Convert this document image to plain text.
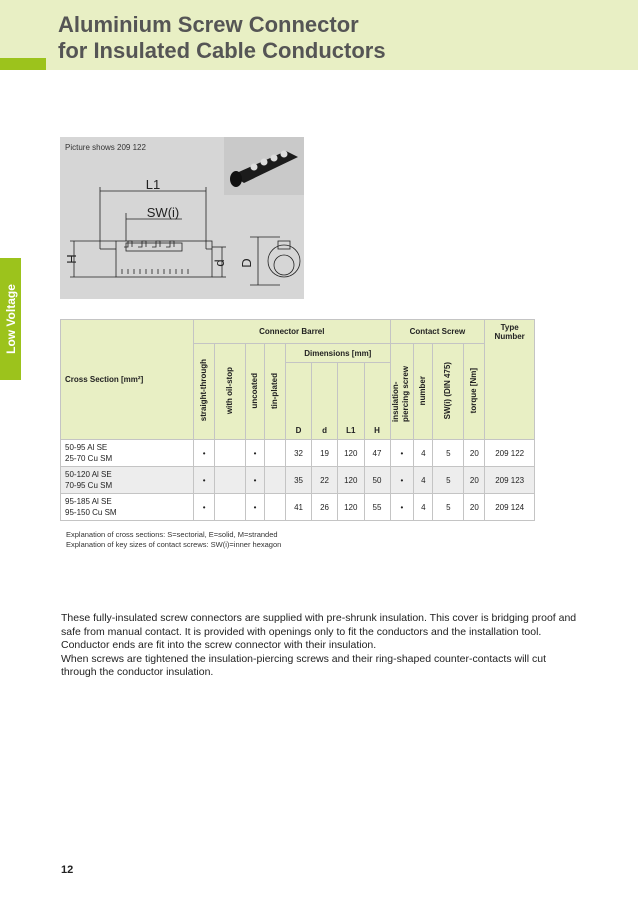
Aluminium Screw Connector
for Insulated Cable Conductors
Low Voltage
Picture shows 209 122
L1
SW(i)
H	d D
Cross Section [mm²]	Connector Barrel								Contact Screw				Type Number
	straight-through	with oil-stop	uncoated	tin-plated	Dimensions [mm]				insulation-piercing screw	number	SW(i) (DIN 475)	torque [Nm]	
					D	d	L1	H					

50-95 Al SE
25-70 Cu SM	•		•		32	19	120	47	•	4	5	20	209 122

50-120 Al SE
70-95 Cu SM	•		•		35	22	120	50	•	4	5	20	209 123

95-185 Al SE
95-150 Cu SM	•		•		41	26	120	55	•	4	5	20	209 124
Explanation of cross sections: S=sectorial, E=solid, M=stranded
Explanation of key sizes of contact screws: SW(i)=inner hexagon

These fully-insulated screw connectors are supplied with pre-shrunk insulation. This cover is bridging proof and safe from manual contact. It is provided with openings only to fit the conductors and the installation tool.

Conductor ends are fit into the screw connector with their insulation.

When screws are tightened the insulation-piercing screws and their ring-shaped counter-contacts will cut through the conductor insulation.

12
